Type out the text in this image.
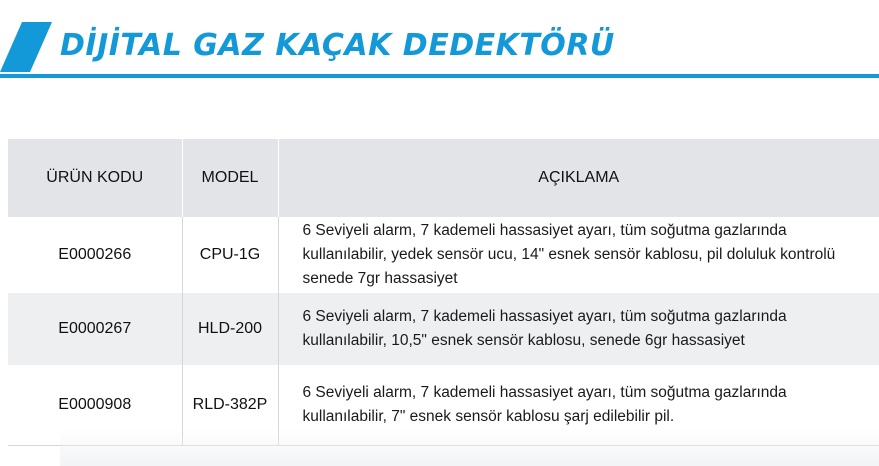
DİJİTAL GAZ KAÇAK DEDEKTÖRÜ
ÜRÜN KODU	MODEL	AÇIKLAMA
E0000266	CPU-1G	6 Seviyeli alarm, 7 kademeli hassasiyet ayarı, tüm soğutma gazlarında kullanılabilir, yedek sensör ucu, 14" esnek sensör kablosu, pil doluluk kontrolü senede 7gr hassasiyet
E0000267	HLD-200	6 Seviyeli alarm, 7 kademeli hassasiyet ayarı, tüm soğutma gazlarında kullanılabilir, 10,5" esnek sensör kablosu, senede 6gr hassasiyet
E0000908	RLD-382P	6 Seviyeli alarm, 7 kademeli hassasiyet ayarı, tüm soğutma gazlarında kullanılabilir, 7" esnek sensör kablosu şarj edilebilir pil.
